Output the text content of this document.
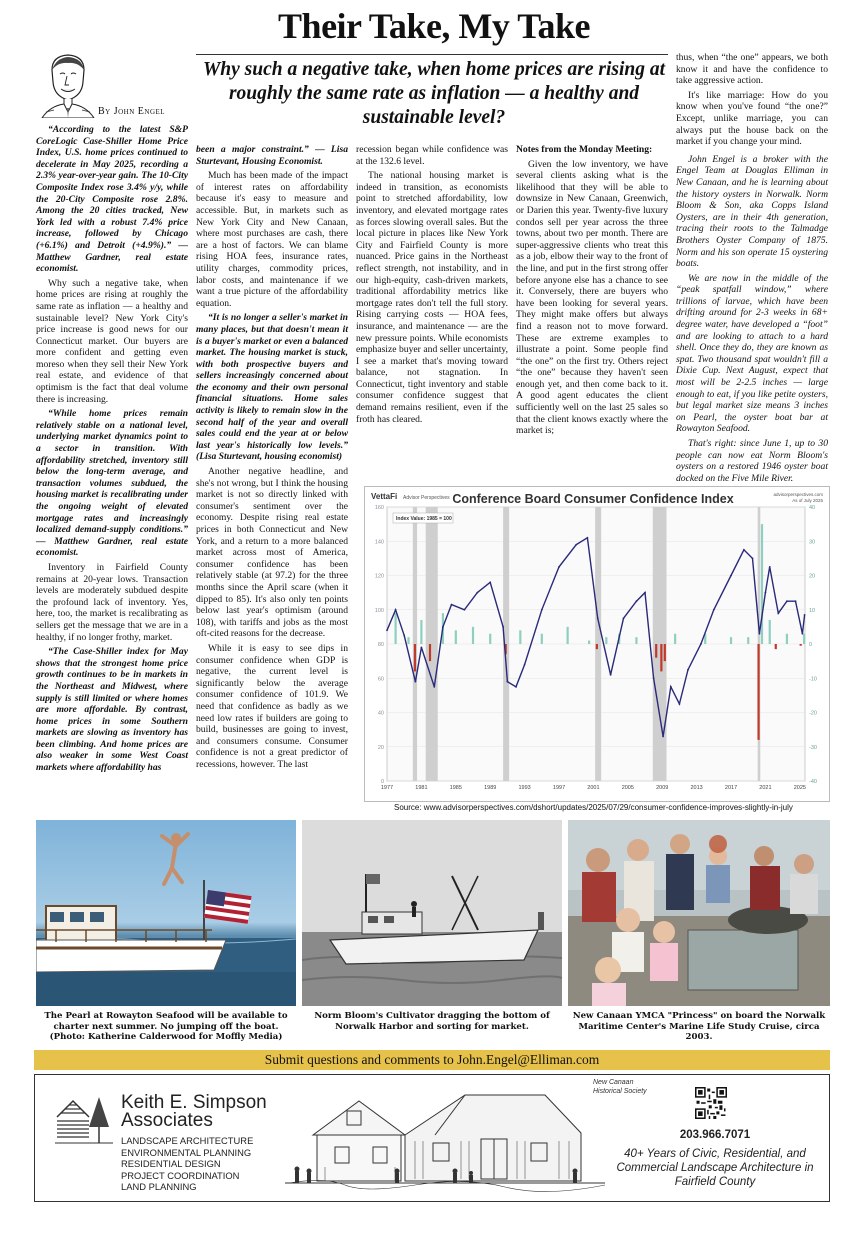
Their Take, My Take
Why such a negative take, when home prices are rising at roughly the same rate as inflation — a healthy and sustainable level?
By John Engel

“According to the latest S&P CoreLogic Case-Shiller Home Price Index, U.S. home prices continued to decelerate in May 2025, recording a 2.3% year-over-year gain. The 10-City Composite Index rose 3.4% y/y, while the 20-City Composite rose 2.8%. Among the 20 cities tracked, New York led with a robust 7.4% price increase, followed by Chicago (+6.1%) and Detroit (+4.9%).” — Matthew Gardner, real estate economist.

Why such a negative take, when home prices are rising at roughly the same rate as inflation — a healthy and sustainable level? New York City's price increase is good news for our Connecticut market. Our buyers are more confident and getting even moreso when they sell their New York real estate, and evidence of that optimism is the fact that deal volume there is increasing.

“While home prices remain relatively stable on a national level, underlying market dynamics point to a sector in transition. With affordability stretched, inventory still below the long-term average, and transaction volumes subdued, the housing market is recalibrating under the ongoing weight of elevated mortgage rates and increasingly localized demand-supply conditions.” — Matthew Gardner, real estate economist.

Inventory in Fairfield County remains at 20-year lows. Transaction levels are moderately subdued despite the profound lack of inventory. Yes, here, too, the market is recalibrating as sellers get the message that we are in a healthy, if no longer frothy, market.

“The Case-Shiller index for May shows that the strongest home price growth continues to be in markets in the Northeast and Midwest, where supply is still limited or where homes are more affordable. By contrast, home prices in some Southern markets are slowing as inventory has been climbing. And home prices are also weaker in some West Coast markets where affordability has

been a major constraint.” — Lisa Sturtevant, Housing Economist.

Much has been made of the impact of interest rates on affordability because it's easy to measure and accessible. But, in markets such as New York City and New Canaan, where most purchases are cash, there are a host of factors. We can blame rising HOA fees, insurance rates, utility charges, commodity prices, labor costs, and maintenance if we want a true picture of the affordability equation.

“It is no longer a seller's market in many places, but that doesn't mean it is a buyer's market or even a balanced market. The housing market is stuck, with both prospective buyers and sellers increasingly concerned about the economy and their own personal financial situations. Home sales activity is likely to remain slow in the second half of the year and overall sales could end the year at or below last year's historically low levels.” (Lisa Sturtevant, housing economist)

Another negative headline, and she's not wrong, but I think the housing market is not so directly linked with consumer's sentiment over the economy. Despite rising real estate prices in both Connecticut and New York, and a return to a more balanced market across most of America, consumer confidence has been relatively stable (at 97.2) for the three months since the April scare (when it dipped to 85). It's also only ten points below last year's optimism (around 108), with tariffs and jobs as the most oft-cited reasons for the decrease.

While it is easy to see dips in consumer confidence when GDP is negative, the current level is significantly below the average consumer confidence of 101.9. We need that confidence as badly as we need low rates if builders are going to build, businesses are going to invest, and consumers consume. Consumer confidence is not a great predictor of recessions, however. The last

recession began while confidence was at the 132.6 level.

The national housing market is indeed in transition, as economists point to stretched affordability, low inventory, and elevated mortgage rates as forces slowing overall sales. But the local picture in places like New York City and Fairfield County is more nuanced. Price gains in the Northeast reflect strength, not instability, and in our high-equity, cash-driven markets, traditional affordability metrics like mortgage rates don't tell the full story. Rising carrying costs — HOA fees, insurance, and maintenance — are the new pressure points. While economists emphasize buyer and seller uncertainty, I see a market that's moving toward balance, not stagnation. In Connecticut, tight inventory and stable consumer confidence suggest that demand remains resilient, even if the froth has cleared.

Notes from the Monday Meeting:

Given the low inventory, we have several clients asking what is the likelihood that they will be able to downsize in New Canaan, Greenwich, or Darien this year. Twenty-five luxury condos sell per year across the three towns, about two per month. There are super-aggressive clients who treat this as a job, elbow their way to the front of the line, and put in the first strong offer before anyone else has a chance to see it. Conversely, there are buyers who have been looking for several years. They might make offers but always find a reason not to move forward. These are extreme examples to illustrate a point. Some people find “the one” on the first try. Others reject “the one” because they haven't seen enough yet, and then come back to it. A good agent educates the client sufficiently well on the last 25 sales so that the client knows exactly where the market is;

thus, when “the one” appears, we both know it and have the confidence to take aggressive action.

It's like marriage: How do you know when you've found “the one?” Except, unlike marriage, you can always put the house back on the market if you change your mind.

John Engel is a broker with the Engel Team at Douglas Elliman in New Canaan, and he is learning about the history oysters in Norwalk. Norm Bloom & Son, aka Copps Island Oysters, are in their 4th generation, tracing their roots to the Talmadge Brothers Oyster Company of 1875. Norm and his son operate 15 oystering boats.

We are now in the middle of the “peak spatfall window,” where trillions of larvae, which have been drifting around for 2-3 weeks in 68+ degree water, have developed a “foot” and are looking to attach to a hard shell. Once they do, they are known as spat. Two thousand spat wouldn't fill a Dixie Cup. Next August, expect that most will be 2-2.5 inches — large enough to eat, if you like petite oysters, but legal market size means 3 inches on Pearl, the oyster boat bar at Rowayton Seafood.

That's right: since June 1, up to 30 people can now eat Norm Bloom's oysters on a restored 1946 oyster boat docked on the Five Mile River.

VettaFi Advisor Perspectives Conference Board Consumer Confidence Index	advisorperspectives.com
As of July 2025
0
20
40
60
80
100
120
140
160
-40
-30
-20
-10
0
10
20
30
40
1977	1981	1985	1989	1993	1997	2001	2005	2009	2013	2017	2021	2025
Index Value: 1985 = 100
Source: www.advisorperspectives.com/dshort/updates/2025/07/29/consumer-confidence-improves-slightly-in-july
The Pearl at Rowayton Seafood will be available to charter next summer. No jumping off the boat. (Photo: Katherine Calderwood for Moffly Media)
Norm Bloom's Cultivator dragging the bottom of Norwalk Harbor and sorting for market.
New Canaan YMCA "Princess" on board the Norwalk Maritime Center's Marine Life Study Cruise, circa 2003.
Submit questions and comments to John.Engel@Elliman.com
Keith E. Simpson
Associates
LANDSCAPE ARCHITECTURE
ENVIRONMENTAL PLANNING
RESIDENTIAL DESIGN
PROJECT COORDINATION
LAND PLANNING
New Canaan Historical Society
203.966.7071
40+ Years of Civic, Residential, and Commercial Landscape Architecture in Fairfield County
